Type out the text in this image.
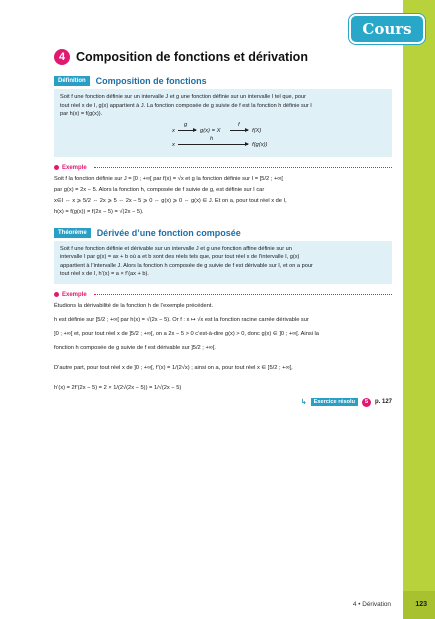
Cours
4 Composition de fonctions et dérivation
Définition	Composition de fonctions
Soit f une fonction définie sur un intervalle J et g une fonction définie sur un intervalle I tel que, pour
tout réel x de I, g(x) appartient à J. La fonction composée de g suivie de f est la fonction h définie sur I
par h(x) = f(g(x)).
x
g
g(x) = X
f
f(X)
x
h
f(g(x))
Exemple

Soit f la fonction définie sur J = [0 ; +∞[ par f(x) = √x et g la fonction définie sur I = [5/2 ; +∞[

par g(x) = 2x − 5. Alors la fonction h, composée de f suivie de g, est définie sur I car

x∈I ⇔ x ⩾ 5/2 ⇔ 2x ⩾ 5 ⇔ 2x − 5 ⩾ 0 ⇔ g(x) ⩾ 0 ⇔ g(x) ∈ J. Et on a, pour tout réel x de I,

h(x) = f(g(x)) = f(2x − 5) = √(2x − 5).

Théorème	Dérivée d’une fonction composée
Soit f une fonction définie et dérivable sur un intervalle J et g une fonction affine définie sur un
intervalle I par g(x) = ax + b où a et b sont des réels tels que, pour tout réel x de l’intervalle I, g(x)
appartient à l’intervalle J. Alors la fonction h composée de g suivie de f est dérivable sur I, et on a pour
tout réel x de I, h’(x) = a × f’(ax + b).
Exemple

Étudions la dérivabilité de la fonction h de l’exemple précédent.

h est définie sur [5/2 ; +∞[ par h(x) = √(2x − 5). Or f : x ↦ √x est la fonction racine carrée dérivable sur

]0 ; +∞[ et, pour tout réel x de ]5/2 ; +∞[, on a 2x − 5 > 0 c’est-à-dire g(x) > 0, donc g(x) ∈ ]0 ; +∞[. Ainsi la

fonction h composée de g suivie de f est dérivable sur ]5/2 ; +∞[.

D’autre part, pour tout réel x de ]0 ; +∞[, f’(x) = 1/(2√x) ; ainsi on a, pour tout réel x ∈ ]5/2 ; +∞[,

h’(x) = 2f’(2x − 5) = 2 × 1/(2√(2x − 5)) = 1/√(2x − 5)

↳	Exercice résolu	5	p. 127
4 • Dérivation	123
